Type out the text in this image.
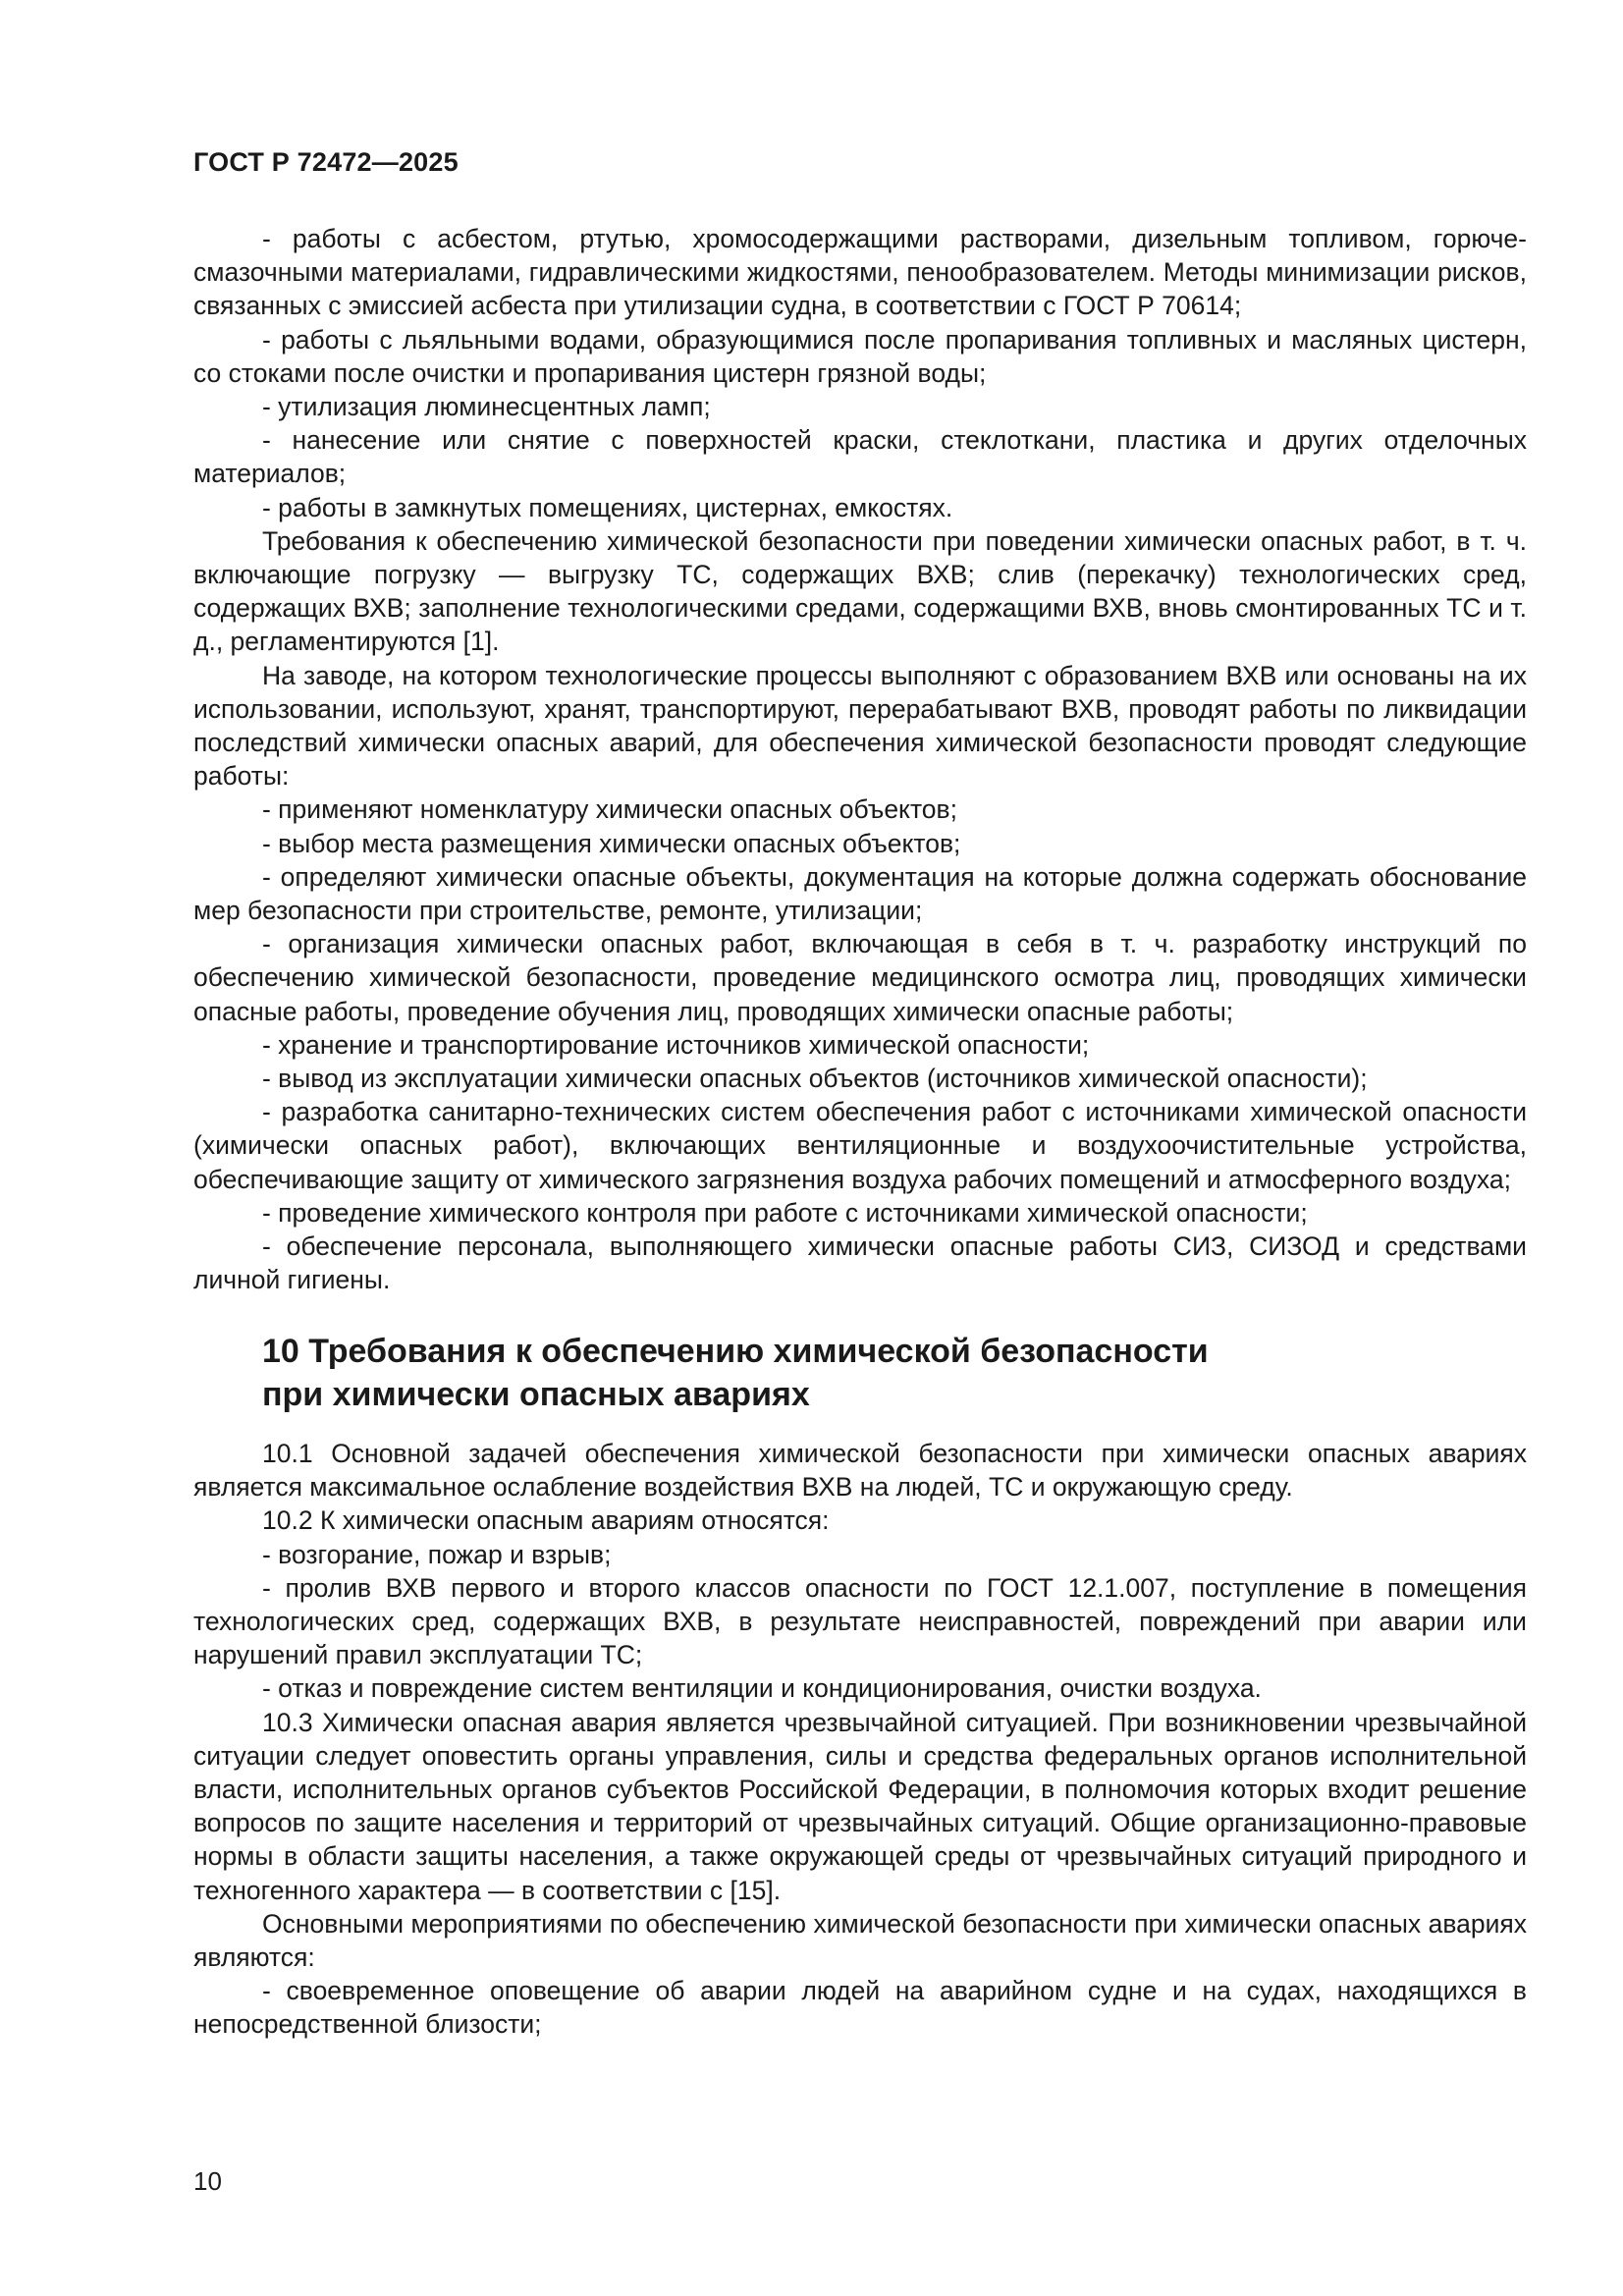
ГОСТ Р 72472—2025

- работы с асбестом, ртутью, хромосодержащими растворами, дизельным топливом, горюче-смазочными материалами, гидравлическими жидкостями, пенообразователем. Методы минимизации рисков, связанных с эмиссией асбеста при утилизации судна, в соответствии с ГОСТ Р 70614;

- работы с льяльными водами, образующимися после пропаривания топливных и масляных цистерн, со стоками после очистки и пропаривания цистерн грязной воды;

- утилизация люминесцентных ламп;

- нанесение или снятие с поверхностей краски, стеклоткани, пластика и других отделочных материалов;

- работы в замкнутых помещениях, цистернах, емкостях.

Требования к обеспечению химической безопасности при поведении химически опасных работ, в т. ч. включающие погрузку — выгрузку ТС, содержащих ВХВ; слив (перекачку) технологических сред, содержащих ВХВ; заполнение технологическими средами, содержащими ВХВ, вновь смонтированных ТС и т. д., регламентируются [1].

На заводе, на котором технологические процессы выполняют с образованием ВХВ или основаны на их использовании, используют, хранят, транспортируют, перерабатывают ВХВ, проводят работы по ликвидации последствий химически опасных аварий, для обеспечения химической безопасности проводят следующие работы:

- применяют номенклатуру химически опасных объектов;

- выбор места размещения химически опасных объектов;

- определяют химически опасные объекты, документация на которые должна содержать обоснование мер безопасности при строительстве, ремонте, утилизации;

- организация химически опасных работ, включающая в себя в т. ч. разработку инструкций по обеспечению химической безопасности, проведение медицинского осмотра лиц, проводящих химически опасные работы, проведение обучения лиц, проводящих химически опасные работы;

- хранение и транспортирование источников химической опасности;

- вывод из эксплуатации химически опасных объектов (источников химической опасности);

- разработка санитарно-технических систем обеспечения работ с источниками химической опасности (химически опасных работ), включающих вентиляционные и воздухоочистительные устройства, обеспечивающие защиту от химического загрязнения воздуха рабочих помещений и атмосферного воздуха;

- проведение химического контроля при работе с источниками химической опасности;

- обеспечение персонала, выполняющего химически опасные работы СИЗ, СИЗОД и средствами личной гигиены.

10 Требования к обеспечению химической безопасности
при химически опасных авариях

10.1 Основной задачей обеспечения химической безопасности при химически опасных авариях является максимальное ослабление воздействия ВХВ на людей, ТС и окружающую среду.

10.2 К химически опасным авариям относятся:

- возгорание, пожар и взрыв;

- пролив ВХВ первого и второго классов опасности по ГОСТ 12.1.007, поступление в помещения технологических сред, содержащих ВХВ, в результате неисправностей, повреждений при аварии или нарушений правил эксплуатации ТС;

- отказ и повреждение систем вентиляции и кондиционирования, очистки воздуха.

10.3 Химически опасная авария является чрезвычайной ситуацией. При возникновении чрезвычайной ситуации следует оповестить органы управления, силы и средства федеральных органов исполнительной власти, исполнительных органов субъектов Российской Федерации, в полномочия которых входит решение вопросов по защите населения и территорий от чрезвычайных ситуаций. Общие организационно-правовые нормы в области защиты населения, а также окружающей среды от чрезвычайных ситуаций природного и техногенного характера — в соответствии с [15].

Основными мероприятиями по обеспечению химической безопасности при химически опасных авариях являются:

- своевременное оповещение об аварии людей на аварийном судне и на судах, находящихся в непосредственной близости;

10
